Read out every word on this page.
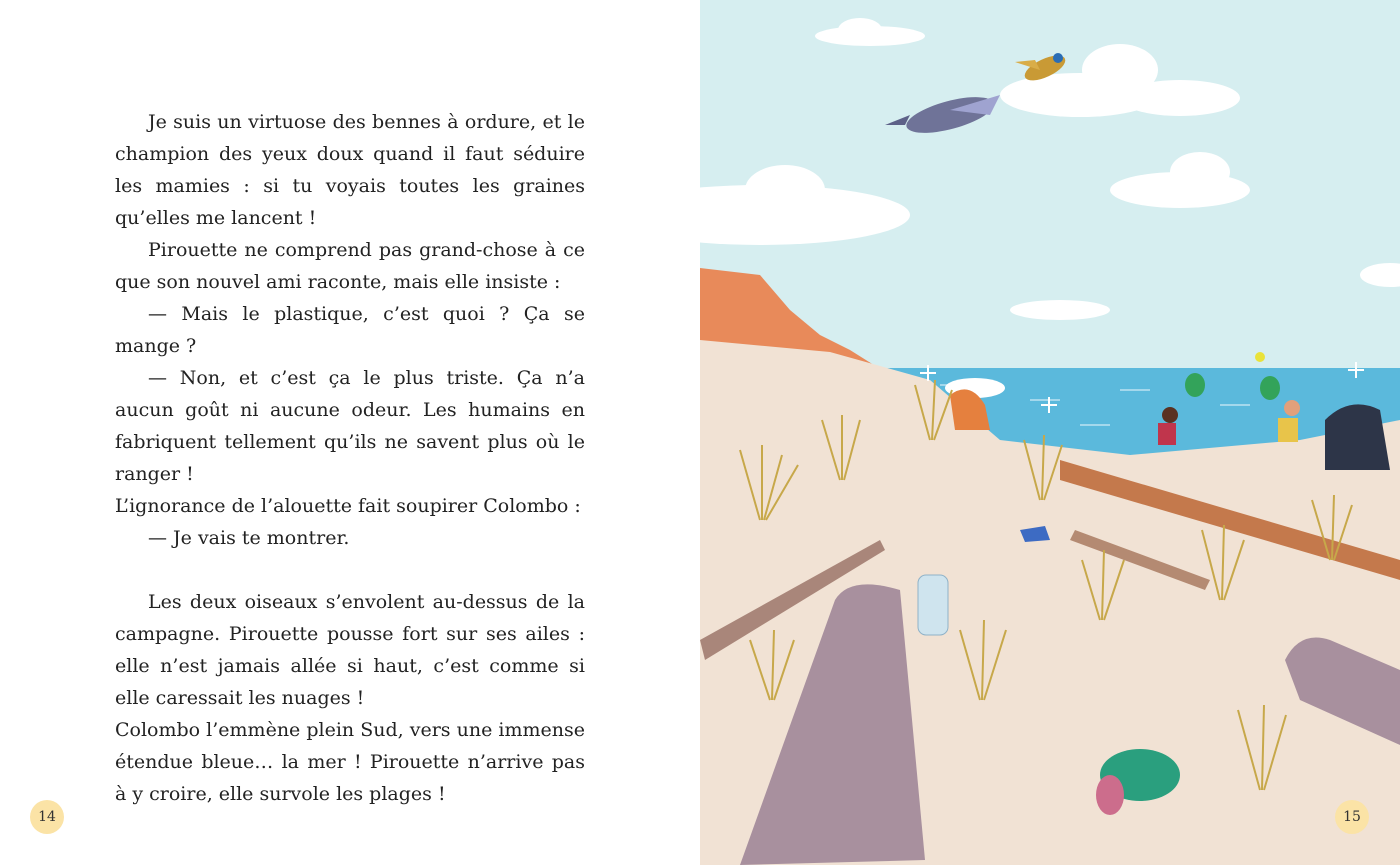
Je suis un virtuose des bennes à ordure, et le champion des yeux doux quand il faut séduire les mamies : si tu voyais toutes les graines qu’elles me lancent !

Pirouette ne comprend pas grand-chose à ce que son nouvel ami raconte, mais elle insiste :

— Mais le plastique, c’est quoi ? Ça se mange ?

— Non, et c’est ça le plus triste. Ça n’a aucun goût ni aucune odeur. Les humains en fabriquent tellement qu’ils ne savent plus où le ranger !

L’ignorance de l’alouette fait soupirer Colombo :

— Je vais te montrer.

Les deux oiseaux s’envolent au-dessus de la campagne. Pirouette pousse fort sur ses ailes : elle n’est jamais allée si haut, c’est comme si elle caressait les nuages !

Colombo l’emmène plein Sud, vers une immense étendue bleue… la mer ! Pirouette n’arrive pas à y croire, elle survole les plages !

14	15
